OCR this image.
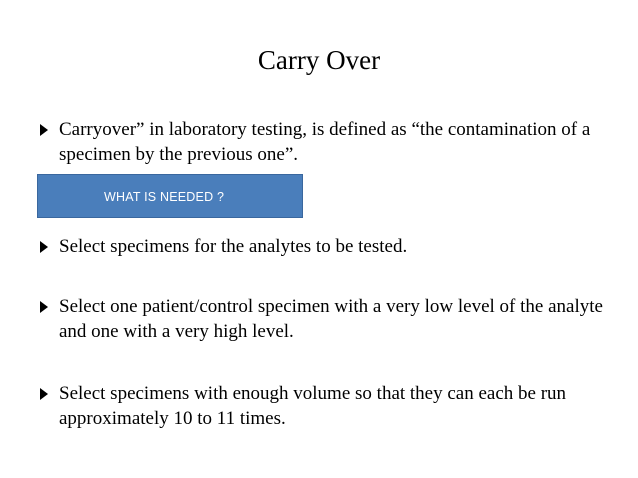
Carry Over
Carryover” in laboratory testing, is defined as “the contamination of a specimen by the previous one”.
WHAT IS NEEDED ?
Select specimens for the analytes to be tested.
Select one patient/control specimen with a very low level of the analyte and one with a very high level.
Select specimens with enough volume so that they can each be run approximately 10 to 11 times.
